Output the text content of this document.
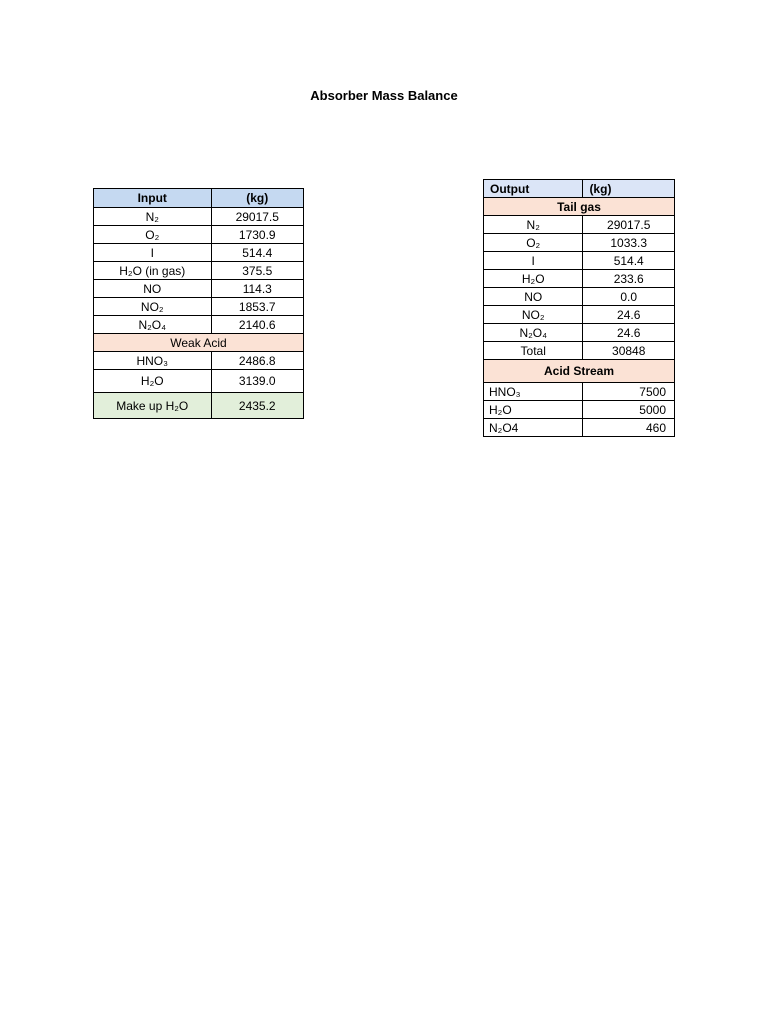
Absorber Mass Balance
Input	(kg)
N₂	29017.5
O₂	1730.9
I	514.4
H₂O (in gas)	375.5
NO	114.3
NO₂	1853.7
N₂O₄	2140.6
Weak Acid	
HNO₃	2486.8
H₂O	3139.0
Make up H₂O	2435.2
Output	(kg)
Tail gas	
N₂	29017.5
O₂	1033.3
I	514.4
H₂O	233.6
NO	0.0
NO₂	24.6
N₂O₄	24.6
Total	30848
Acid Stream	
HNO₃	7500
H₂O	5000
N₂O4	460
